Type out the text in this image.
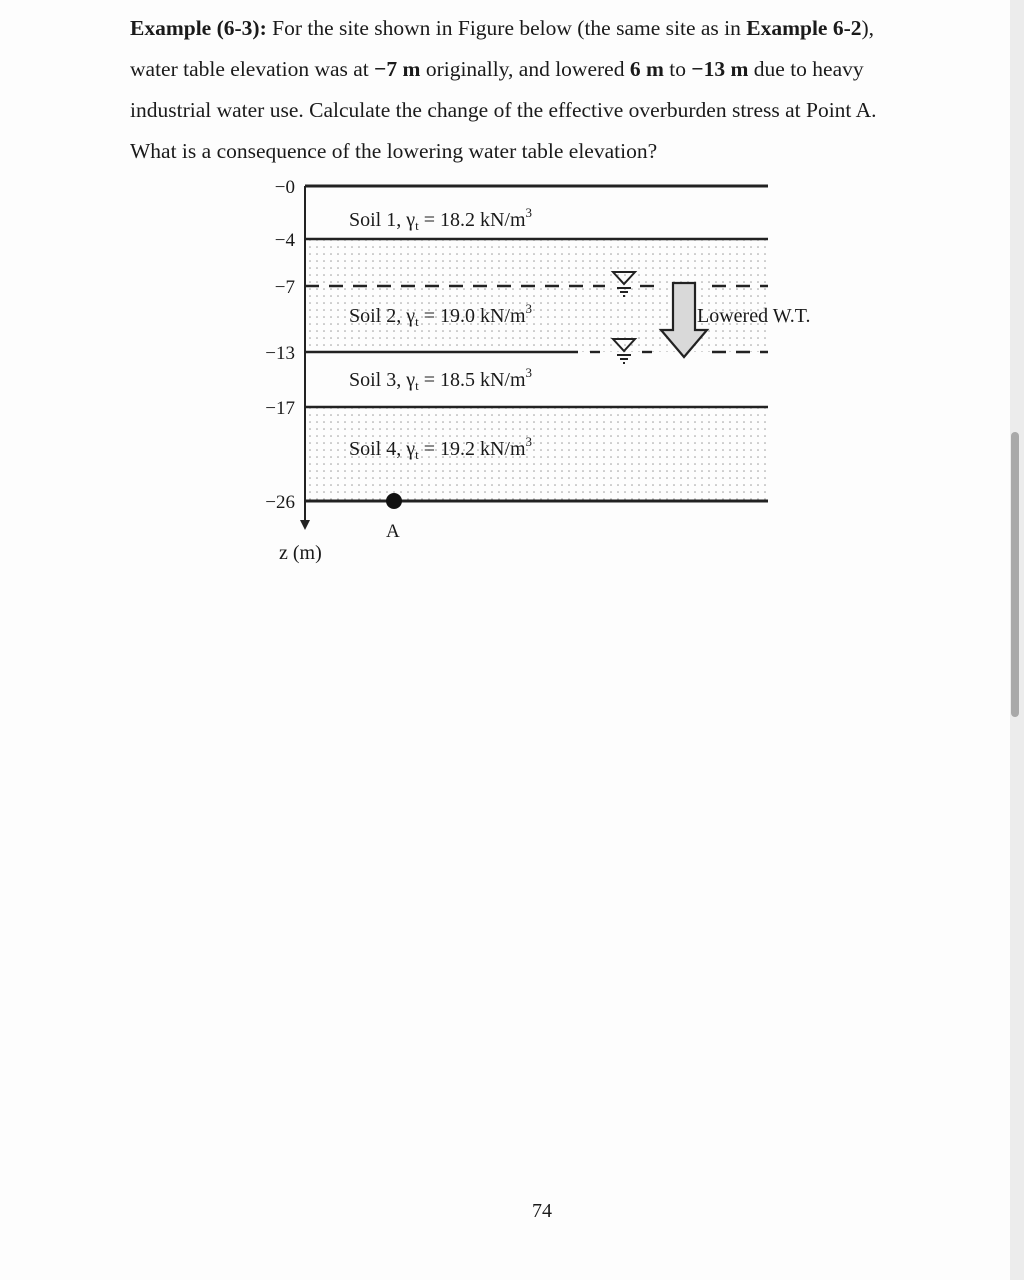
Example (6-3): For the site shown in Figure below (the same site as in Example 6-2),
water table elevation was at −7 m originally, and lowered 6 m to −13 m due to heavy
industrial water use. Calculate the change of the effective overburden stress at Point A.
What is a consequence of the lowering water table elevation?

−0
−4
−7
−13
−17
−26
Soil 1, $\gamma_t = 18.2$ $kN/m^3$
Soil 2, $\gamma_t = 19.0$ $kN/m^3$
Soil 3, $\gamma_t = 18.5$ $kN/m^3$
Soil 4, $\gamma_t = 19.2$ $kN/m^3$
z (m)
Lowered W.T.
A
74
